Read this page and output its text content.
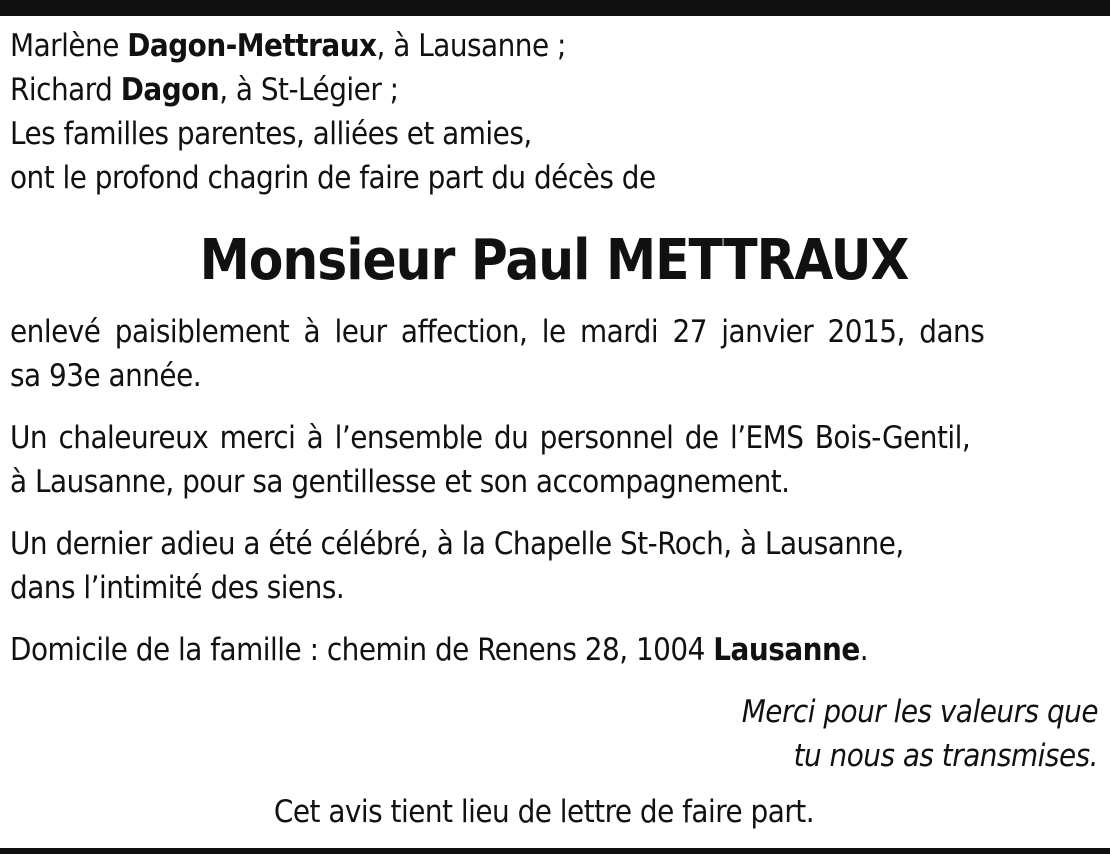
Marlène Dagon-Mettraux, à Lausanne ;
Richard Dagon, à St-Légier ;
Les familles parentes, alliées et amies,
ont le profond chagrin de faire part du décès de
Monsieur Paul METTRAUX
enlevé paisiblement à leur affection, le mardi 27 janvier 2015, dans
sa 93e année.
Un chaleureux merci à l’ensemble du personnel de l’EMS Bois-Gentil,
à Lausanne, pour sa gentillesse et son accompagnement.
Un dernier adieu a été célébré, à la Chapelle St-Roch, à Lausanne,
dans l’intimité des siens.
Domicile de la famille : chemin de Renens 28, 1004 Lausanne.
Merci pour les valeurs que
tu nous as transmises.
Cet avis tient lieu de lettre de faire part.
